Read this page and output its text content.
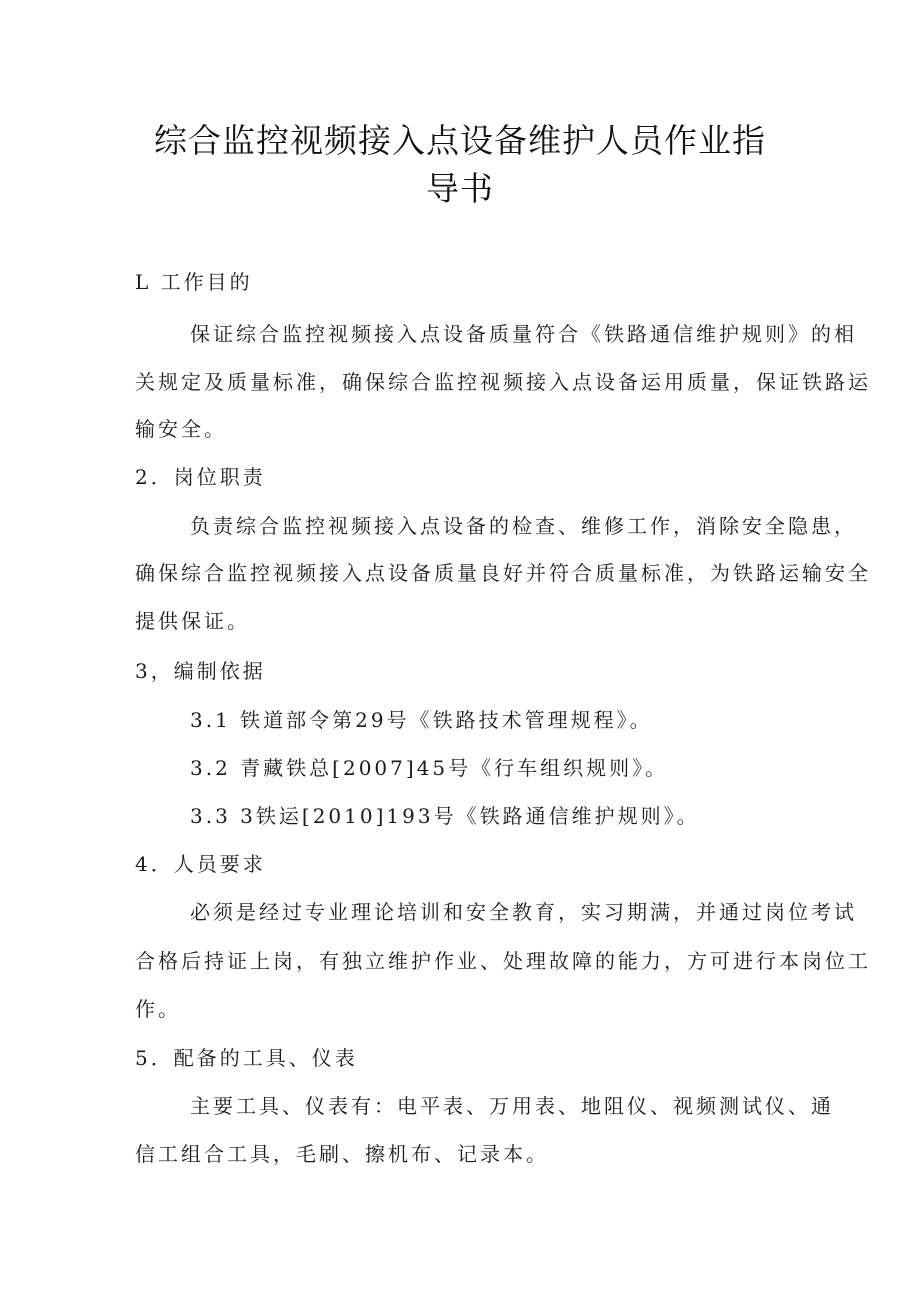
综合监控视频接入点设备维护人员作业指
导书
L 工作目的
保证综合监控视频接入点设备质量符合《铁路通信维护规则》的相
关规定及质量标准，确保综合监控视频接入点设备运用质量，保证铁路运
输安全。
2．岗位职责
负责综合监控视频接入点设备的检查、维修工作，消除安全隐患，
确保综合监控视频接入点设备质量良好并符合质量标准，为铁路运输安全
提供保证。
3，编制依据
3.1 铁道部令第29号《铁路技术管理规程》。
3.2 青藏铁总[2007]45号《行车组织规则》。
3.3 3铁运[2010]193号《铁路通信维护规则》。
4．人员要求
必须是经过专业理论培训和安全教育，实习期满，并通过岗位考试
合格后持证上岗，有独立维护作业、处理故障的能力，方可进行本岗位工
作。
5．配备的工具、仪表
主要工具、仪表有：电平表、万用表、地阻仪、视频测试仪、通
信工组合工具，毛刷、擦机布、记录本。
